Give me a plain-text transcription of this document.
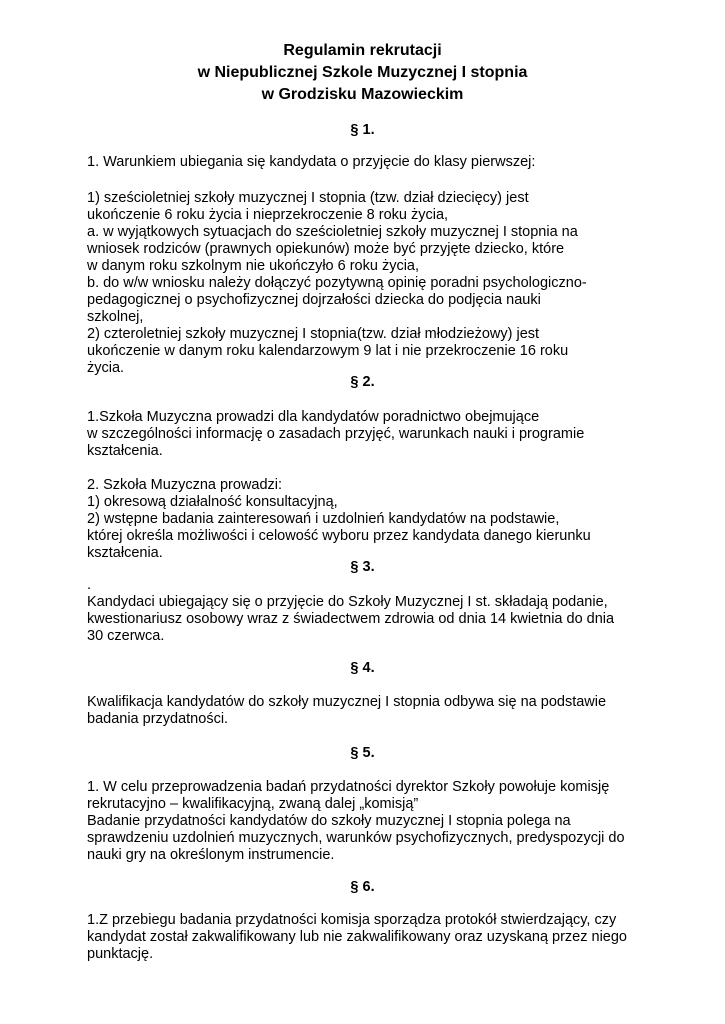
Regulamin rekrutacji
w Niepublicznej Szkole Muzycznej I stopnia
w Grodzisku Mazowieckim
§ 1.
1. Warunkiem ubiegania się kandydata o przyjęcie do klasy pierwszej:
1) sześcioletniej szkoły muzycznej I stopnia (tzw. dział dziecięcy) jest
ukończenie 6 roku życia i nieprzekroczenie 8 roku życia,
a. w wyjątkowych sytuacjach do sześcioletniej szkoły muzycznej I stopnia na
wniosek rodziców (prawnych opiekunów) może być przyjęte dziecko, które
w danym roku szkolnym nie ukończyło 6 roku życia,
b. do w/w wniosku należy dołączyć pozytywną opinię poradni psychologiczno-
pedagogicznej o psychofizycznej dojrzałości dziecka do podjęcia nauki
szkolnej,
2) czteroletniej szkoły muzycznej I stopnia(tzw. dział młodzieżowy) jest
ukończenie w danym roku kalendarzowym 9 lat i nie przekroczenie 16 roku
życia.
§ 2.
1.Szkoła Muzyczna prowadzi dla kandydatów poradnictwo obejmujące
w szczególności informację o zasadach przyjęć, warunkach nauki i programie
kształcenia.
2. Szkoła Muzyczna prowadzi:
1) okresową działalność konsultacyjną,
2) wstępne badania zainteresowań i uzdolnień kandydatów na podstawie,
której określa możliwości i celowość wyboru przez kandydata danego kierunku
kształcenia.
§ 3.
.
Kandydaci ubiegający się o przyjęcie do Szkoły Muzycznej I st. składają podanie,
kwestionariusz osobowy wraz z świadectwem zdrowia od dnia 14 kwietnia do dnia
30 czerwca.
§ 4.
Kwalifikacja kandydatów do szkoły muzycznej I stopnia odbywa się na podstawie
badania przydatności.
§ 5.
1. W celu przeprowadzenia badań przydatności dyrektor Szkoły powołuje komisję
rekrutacyjno – kwalifikacyjną, zwaną dalej „komisją”
Badanie przydatności kandydatów do szkoły muzycznej I stopnia polega na
sprawdzeniu uzdolnień muzycznych, warunków psychofizycznych, predyspozycji do
nauki gry na określonym instrumencie.
§ 6.
1.Z przebiegu badania przydatności komisja sporządza protokół stwierdzający, czy
kandydat został zakwalifikowany lub nie zakwalifikowany oraz uzyskaną przez niego
punktację.
